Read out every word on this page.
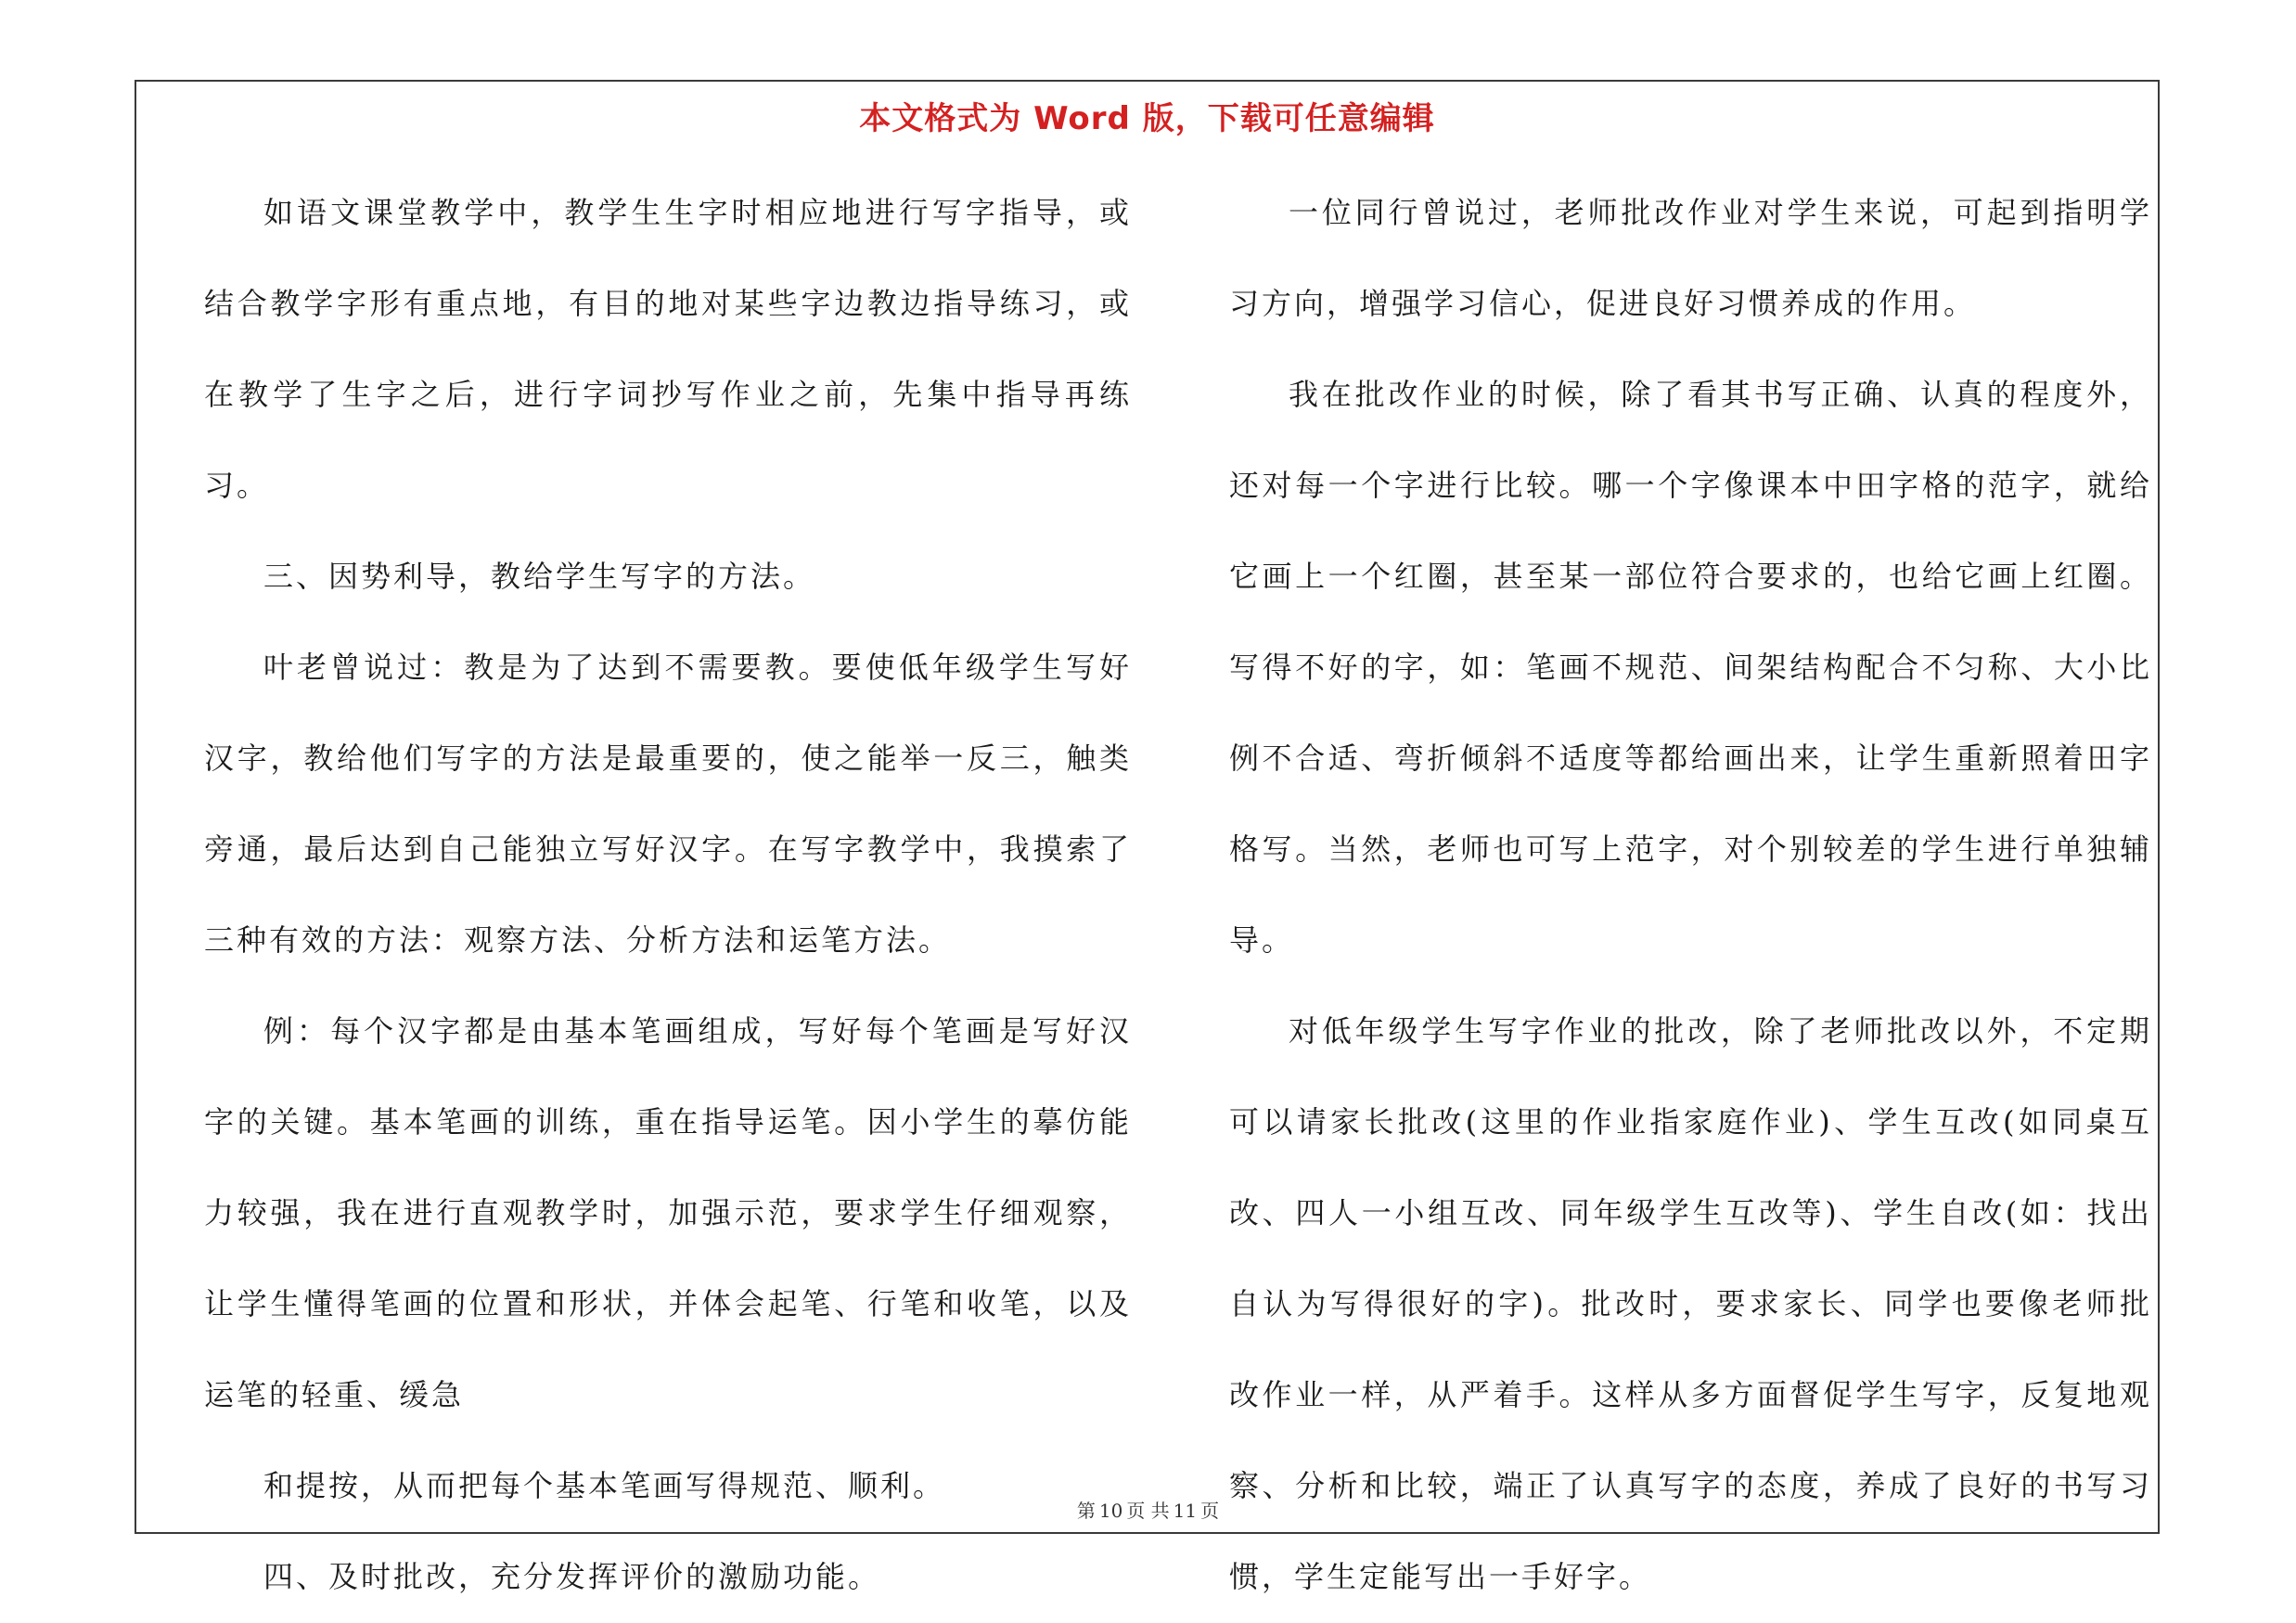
本文格式为 Word 版，下载可任意编辑

如语文课堂教学中，教学生生字时相应地进行写字指导，或结合教学字形有重点地，有目的地对某些字边教边指导练习，或在教学了生字之后，进行字词抄写作业之前，先集中指导再练习。

三、因势利导，教给学生写字的方法。

叶老曾说过：教是为了达到不需要教。要使低年级学生写好汉字，教给他们写字的方法是最重要的，使之能举一反三，触类旁通，最后达到自己能独立写好汉字。在写字教学中，我摸索了三种有效的方法：观察方法、分析方法和运笔方法。

例：每个汉字都是由基本笔画组成，写好每个笔画是写好汉字的关键。基本笔画的训练，重在指导运笔。因小学生的摹仿能力较强，我在进行直观教学时，加强示范，要求学生仔细观察，让学生懂得笔画的位置和形状，并体会起笔、行笔和收笔，以及运笔的轻重、缓急

和提按，从而把每个基本笔画写得规范、顺利。

四、及时批改，充分发挥评价的激励功能。

一位同行曾说过，老师批改作业对学生来说，可起到指明学习方向，增强学习信心，促进良好习惯养成的作用。

我在批改作业的时候，除了看其书写正确、认真的程度外，还对每一个字进行比较。哪一个字像课本中田字格的范字，就给它画上一个红圈，甚至某一部位符合要求的，也给它画上红圈。写得不好的字，如：笔画不规范、间架结构配合不匀称、大小比例不合适、弯折倾斜不适度等都给画出来，让学生重新照着田字格写。当然，老师也可写上范字，对个别较差的学生进行单独辅导。

对低年级学生写字作业的批改，除了老师批改以外，不定期可以请家长批改(这里的作业指家庭作业)、学生互改(如同桌互改、四人一小组互改、同年级学生互改等)、学生自改(如：找出自认为写得很好的字)。批改时，要求家长、同学也要像老师批改作业一样，从严着手。这样从多方面督促学生写字，反复地观察、分析和比较，端正了认真写字的态度，养成了良好的书写习惯，学生定能写出一手好字。

第 10 页 共 11 页
